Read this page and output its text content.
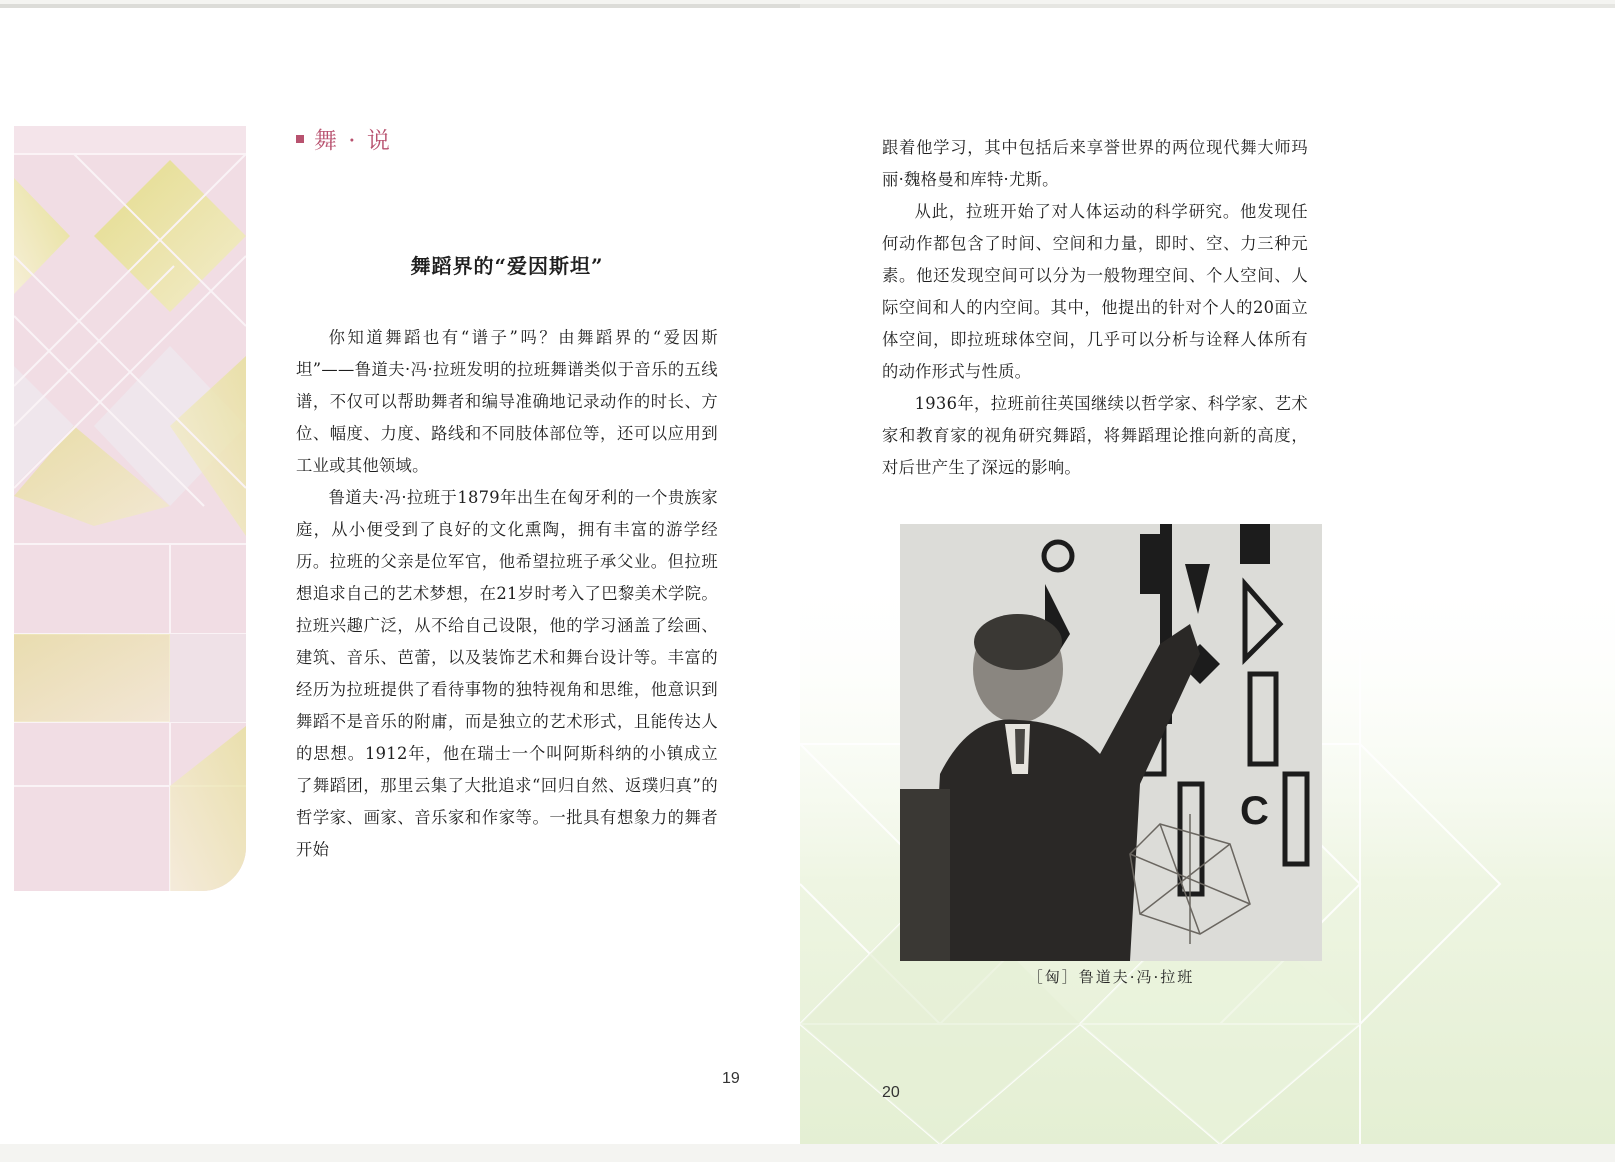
舞 · 说
舞蹈界的“爱因斯坦”

你知道舞蹈也有“谱子”吗？由舞蹈界的“爱因斯坦”——鲁道夫·冯·拉班发明的拉班舞谱类似于音乐的五线谱，不仅可以帮助舞者和编导准确地记录动作的时长、方位、幅度、力度、路线和不同肢体部位等，还可以应用到工业或其他领域。

鲁道夫·冯·拉班于1879年出生在匈牙利的一个贵族家庭，从小便受到了良好的文化熏陶，拥有丰富的游学经历。拉班的父亲是位军官，他希望拉班子承父业。但拉班想追求自己的艺术梦想，在21岁时考入了巴黎美术学院。拉班兴趣广泛，从不给自己设限，他的学习涵盖了绘画、建筑、音乐、芭蕾，以及装饰艺术和舞台设计等。丰富的经历为拉班提供了看待事物的独特视角和思维，他意识到舞蹈不是音乐的附庸，而是独立的艺术形式，且能传达人的思想。1912年，他在瑞士一个叫阿斯科纳的小镇成立了舞蹈团，那里云集了大批追求“回归自然、返璞归真”的哲学家、画家、音乐家和作家等。一批具有想象力的舞者开始

19

跟着他学习，其中包括后来享誉世界的两位现代舞大师玛丽·魏格曼和库特·尤斯。

从此，拉班开始了对人体运动的科学研究。他发现任何动作都包含了时间、空间和力量，即时、空、力三种元素。他还发现空间可以分为一般物理空间、个人空间、人际空间和人的内空间。其中，他提出的针对个人的20面立体空间，即拉班球体空间，几乎可以分析与诠释人体所有的动作形式与性质。

1936年，拉班前往英国继续以哲学家、科学家、艺术家和教育家的视角研究舞蹈，将舞蹈理论推向新的高度，对后世产生了深远的影响。

C
［匈］鲁道夫·冯·拉班
20
